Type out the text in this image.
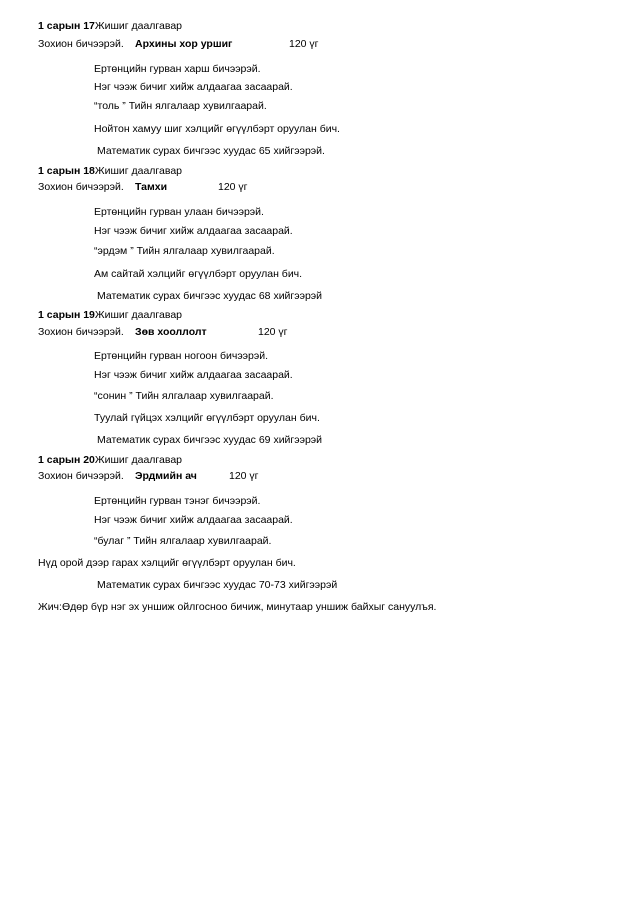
1 сарын 17Жишиг даалгавар
Зохион бичээрэй. Архины хор уршиг	120 үг
Ертөнцийн гурван харш бичээрэй.
Нэг чээж бичиг хийж алдаагаа засаарай.
“толь ” Тийн ялгалаар хувилгаарай.
Нойтон хамуу шиг хэлцийг өгүүлбэрт оруулан бич.
Математик сурах бичгээс хуудас 65 хийгээрэй.
1 сарын 18Жишиг даалгавар
Зохион бичээрэй. Тамхи	120 үг
Ертөнцийн гурван улаан бичээрэй.
Нэг чээж бичиг хийж алдаагаа засаарай.
“эрдэм ” Тийн ялгалаар хувилгаарай.
Ам сайтай хэлцийг өгүүлбэрт оруулан бич.
Математик сурах бичгээс хуудас 68 хийгээрэй
1 сарын 19Жишиг даалгавар
Зохион бичээрэй. Зөв хооллолт	120 үг
Ертөнцийн гурван ногоон бичээрэй.
Нэг чээж бичиг хийж алдаагаа засаарай.
“сонин ” Тийн ялгалаар хувилгаарай.
Туулай гүйцэх хэлцийг өгүүлбэрт оруулан бич.
Математик сурах бичгээс хуудас 69 хийгээрэй
1 сарын 20Жишиг даалгавар
Зохион бичээрэй. Эрдмийн ач	120 үг
Ертөнцийн гурван тэнэг бичээрэй.
Нэг чээж бичиг хийж алдаагаа засаарай.
“булаг ” Тийн ялгалаар хувилгаарай.
Нүд орой дээр гарах хэлцийг өгүүлбэрт оруулан бич.
Математик сурах бичгээс хуудас 70-73 хийгээрэй
Жич:Өдөр бүр нэг эх уншиж ойлгосноо бичиж, минутаар уншиж байхыг сануулъя.
